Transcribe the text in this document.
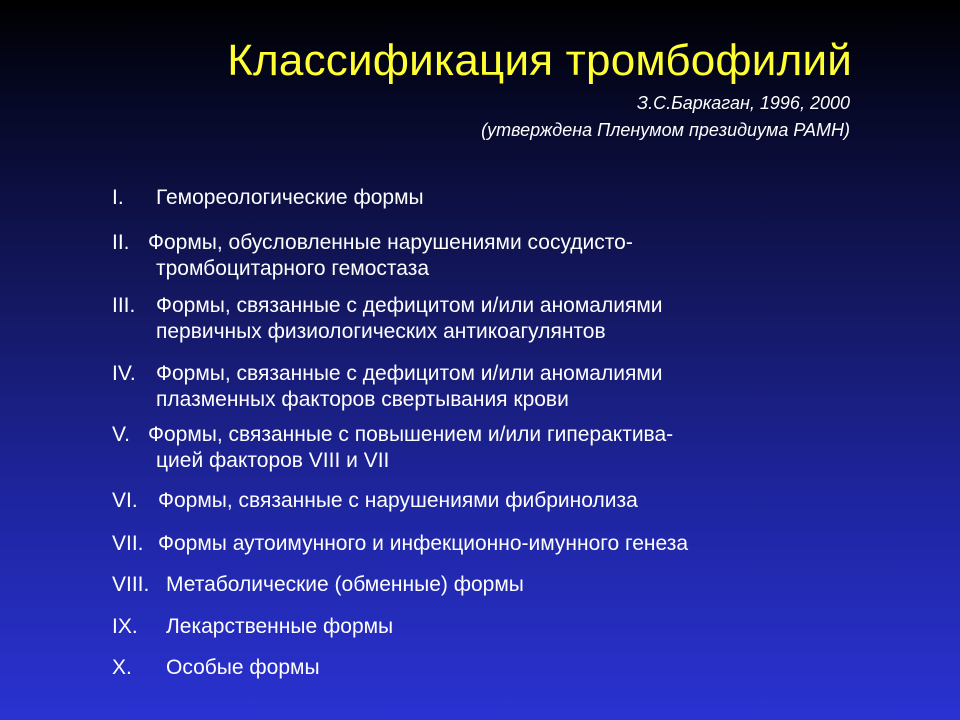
Классификация тромбофилий
З.С.Баркаган, 1996, 2000
(утверждена Пленумом президиума РАМН)
I. Гемореологические формы
II. Формы, обусловленные нарушениями сосудисто-
тромбоцитарного гемостаза
III. Формы, связанные с дефицитом и/или аномалиями
первичных физиологических антикоагулянтов
IV. Формы, связанные с дефицитом и/или аномалиями
плазменных факторов свертывания крови
V. Формы, связанные с повышением и/или гиперактива-
цией факторов VIII и VII
VI. Формы, связанные с нарушениями фибринолиза
VII. Формы аутоимунного и инфекционно-имунного генеза
VIII. Метаболические (обменные) формы
IX. Лекарственные формы
X. Особые формы
